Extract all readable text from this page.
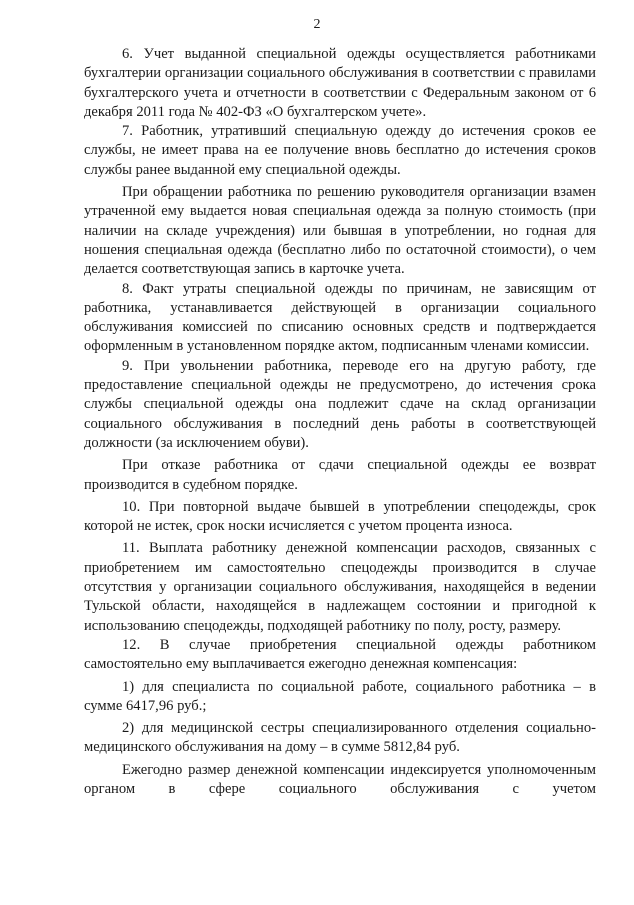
2

6. Учет выданной специальной одежды осуществляется работниками бухгалтерии организации социального обслуживания в соответствии с правилами бухгалтерского учета и отчетности в соответствии с Федеральным законом от 6 декабря 2011 года № 402-ФЗ «О бухгалтерском учете».

7. Работник, утративший специальную одежду до истечения сроков ее службы, не имеет права на ее получение вновь бесплатно до истечения сроков службы ранее выданной ему специальной одежды.

При обращении работника по решению руководителя организации взамен утраченной ему выдается новая специальная одежда за полную стоимость (при наличии на складе учреждения) или бывшая в употреблении, но годная для ношения специальная одежда (бесплатно либо по остаточной стоимости), о чем делается соответствующая запись в карточке учета.

8. Факт утраты специальной одежды по причинам, не зависящим от работника, устанавливается действующей в организации социального обслуживания комиссией по списанию основных средств и подтверждается оформленным в установленном порядке актом, подписанным членами комиссии.

9. При увольнении работника, переводе его на другую работу, где предоставление специальной одежды не предусмотрено, до истечения срока службы специальной одежды она подлежит сдаче на склад организации социального обслуживания в последний день работы в соответствующей должности (за исключением обуви).

При отказе работника от сдачи специальной одежды ее возврат производится в судебном порядке.

10. При повторной выдаче бывшей в употреблении спецодежды, срок которой не истек, срок носки исчисляется с учетом процента износа.

11. Выплата работнику денежной компенсации расходов, связанных с приобретением им самостоятельно спецодежды производится в случае отсутствия у организации социального обслуживания, находящейся в ведении Тульской области, находящейся в надлежащем состоянии и пригодной к использованию спецодежды, подходящей работнику по полу, росту, размеру.

12. В случае приобретения специальной одежды работником самостоятельно ему выплачивается ежегодно денежная компенсация:

1) для специалиста по социальной работе, социального работника – в сумме 6417,96 руб.;

2) для медицинской сестры специализированного отделения социально-медицинского обслуживания на дому – в сумме 5812,84 руб.

Ежегодно размер денежной компенсации индексируется уполномоченным органом в сфере социального обслуживания с учетом
